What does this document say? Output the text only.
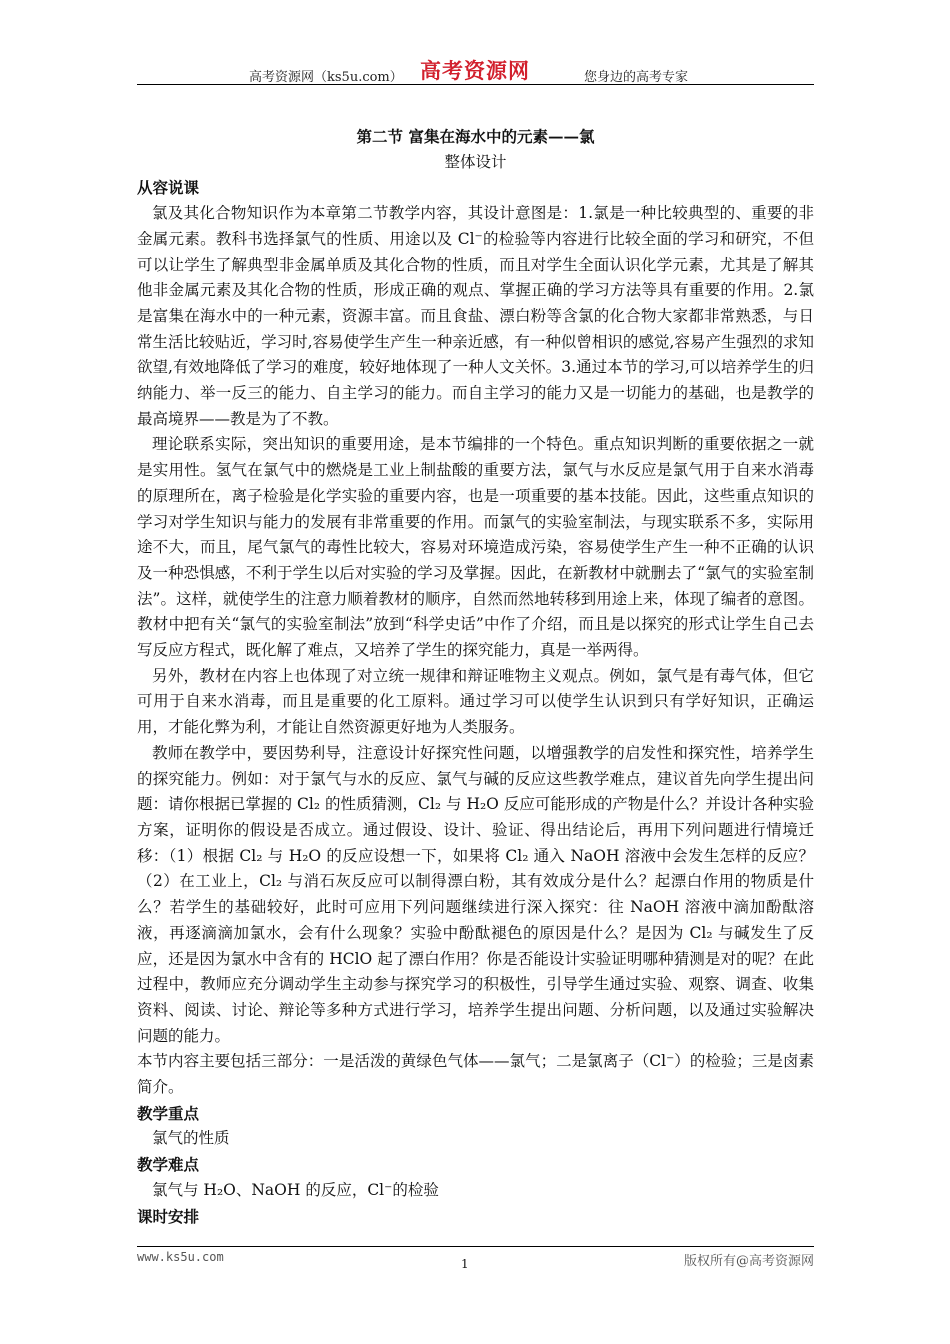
高考资源网（ks5u.com） 高考资源网	您身边的高考专家
第二节 富集在海水中的元素——氯
整体设计
从容说课
氯及其化合物知识作为本章第二节教学内容，其设计意图是：1.氯是一种比较典型的、重要的非金属元素。教科书选择氯气的性质、用途以及 Cl⁻的检验等内容进行比较全面的学习和研究，不但可以让学生了解典型非金属单质及其化合物的性质，而且对学生全面认识化学元素，尤其是了解其他非金属元素及其化合物的性质，形成正确的观点、掌握正确的学习方法等具有重要的作用。2.氯是富集在海水中的一种元素，资源丰富。而且食盐、漂白粉等含氯的化合物大家都非常熟悉，与日常生活比较贴近，学习时,容易使学生产生一种亲近感，有一种似曾相识的感觉,容易产生强烈的求知欲望,有效地降低了学习的难度，较好地体现了一种人文关怀。3.通过本节的学习,可以培养学生的归纳能力、举一反三的能力、自主学习的能力。而自主学习的能力又是一切能力的基础，也是教学的最高境界——教是为了不教。
理论联系实际，突出知识的重要用途，是本节编排的一个特色。重点知识判断的重要依据之一就是实用性。氢气在氯气中的燃烧是工业上制盐酸的重要方法，氯气与水反应是氯气用于自来水消毒的原理所在，离子检验是化学实验的重要内容，也是一项重要的基本技能。因此，这些重点知识的学习对学生知识与能力的发展有非常重要的作用。而氯气的实验室制法，与现实联系不多，实际用途不大，而且，尾气氯气的毒性比较大，容易对环境造成污染，容易使学生产生一种不正确的认识及一种恐惧感，不利于学生以后对实验的学习及掌握。因此，在新教材中就删去了“氯气的实验室制法”。这样，就使学生的注意力顺着教材的顺序，自然而然地转移到用途上来，体现了编者的意图。教材中把有关“氯气的实验室制法”放到“科学史话”中作了介绍，而且是以探究的形式让学生自己去写反应方程式，既化解了难点，又培养了学生的探究能力，真是一举两得。
另外，教材在内容上也体现了对立统一规律和辩证唯物主义观点。例如，氯气是有毒气体，但它可用于自来水消毒，而且是重要的化工原料。通过学习可以使学生认识到只有学好知识，正确运用，才能化弊为利，才能让自然资源更好地为人类服务。
教师在教学中，要因势利导，注意设计好探究性问题，以增强教学的启发性和探究性，培养学生的探究能力。例如：对于氯气与水的反应、氯气与碱的反应这些教学难点，建议首先向学生提出问题：请你根据已掌握的 Cl₂ 的性质猜测，Cl₂ 与 H₂O 反应可能形成的产物是什么？并设计各种实验方案，证明你的假设是否成立。通过假设、设计、验证、得出结论后，再用下列问题进行情境迁移：（1）根据 Cl₂ 与 H₂O 的反应设想一下，如果将 Cl₂ 通入 NaOH 溶液中会发生怎样的反应？（2）在工业上，Cl₂ 与消石灰反应可以制得漂白粉，其有效成分是什么？起漂白作用的物质是什么？若学生的基础较好，此时可应用下列问题继续进行深入探究：往 NaOH 溶液中滴加酚酞溶液，再逐滴滴加氯水，会有什么现象？实验中酚酞褪色的原因是什么？是因为 Cl₂ 与碱发生了反应，还是因为氯水中含有的 HClO 起了漂白作用？你是否能设计实验证明哪种猜测是对的呢？在此过程中，教师应充分调动学生主动参与探究学习的积极性，引导学生通过实验、观察、调查、收集资料、阅读、讨论、辩论等多种方式进行学习，培养学生提出问题、分析问题，以及通过实验解决问题的能力。
本节内容主要包括三部分：一是活泼的黄绿色气体——氯气；二是氯离子（Cl⁻）的检验；三是卤素简介。
教学重点
氯气的性质
教学难点
氯气与 H₂O、NaOH 的反应，Cl⁻的检验
课时安排
www.ks5u.com	1	版权所有@高考资源网
